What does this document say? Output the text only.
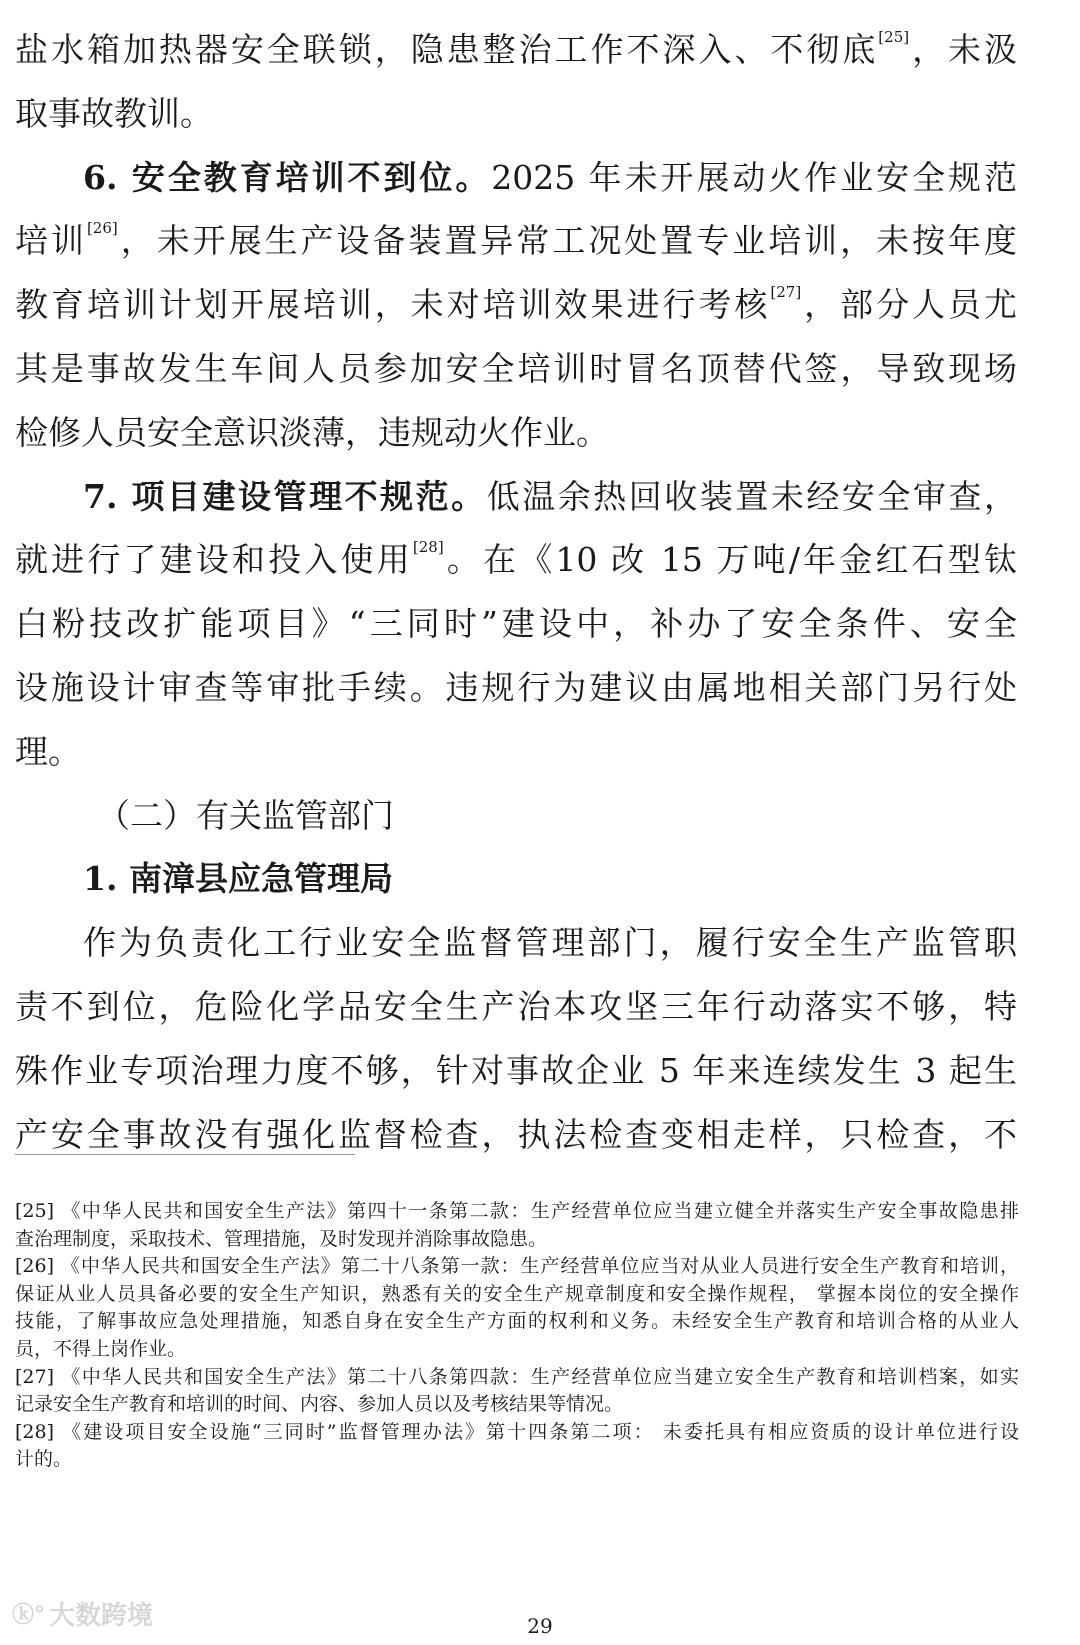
盐水箱加热器安全联锁，隐患整治工作不深入、不彻底[25]，未汲
取事故教训。
6. 安全教育培训不到位。2025 年未开展动火作业安全规范
培训[26]，未开展生产设备装置异常工况处置专业培训，未按年度
教育培训计划开展培训，未对培训效果进行考核[27]，部分人员尤
其是事故发生车间人员参加安全培训时冒名顶替代签，导致现场
检修人员安全意识淡薄，违规动火作业。
7. 项目建设管理不规范。低温余热回收装置未经安全审查，
就进行了建设和投入使用[28]。在《10 改 15 万吨/年金红石型钛
白粉技改扩能项目》“三同时”建设中，补办了安全条件、安全
设施设计审查等审批手续。违规行为建议由属地相关部门另行处
理。
（二）有关监管部门
1. 南漳县应急管理局
作为负责化工行业安全监督管理部门，履行安全生产监管职
责不到位，危险化学品安全生产治本攻坚三年行动落实不够，特
殊作业专项治理力度不够，针对事故企业 5 年来连续发生 3 起生
产安全事故没有强化监督检查，执法检查变相走样，只检查，不
[25] 《中华人民共和国安全生产法》第四十一条第二款：生产经营单位应当建立健全并落实生产安全事故隐患排
查治理制度，采取技术、管理措施，及时发现并消除事故隐患。
[26] 《中华人民共和国安全生产法》第二十八条第一款：生产经营单位应当对从业人员进行安全生产教育和培训，
保证从业人员具备必要的安全生产知识，熟悉有关的安全生产规章制度和安全操作规程， 掌握本岗位的安全操作
技能，了解事故应急处理措施，知悉自身在安全生产方面的权利和义务。未经安全生产教育和培训合格的从业人
员，不得上岗作业。
[27] 《中华人民共和国安全生产法》第二十八条第四款：生产经营单位应当建立安全生产教育和培训档案，如实
记录安全生产教育和培训的时间、内容、参加人员以及考核结果等情况。
[28] 《建设项目安全设施“三同时”监督管理办法》第十四条第二项： 未委托具有相应资质的设计单位进行设
计的。
ⓚ° 大数跨境	29
